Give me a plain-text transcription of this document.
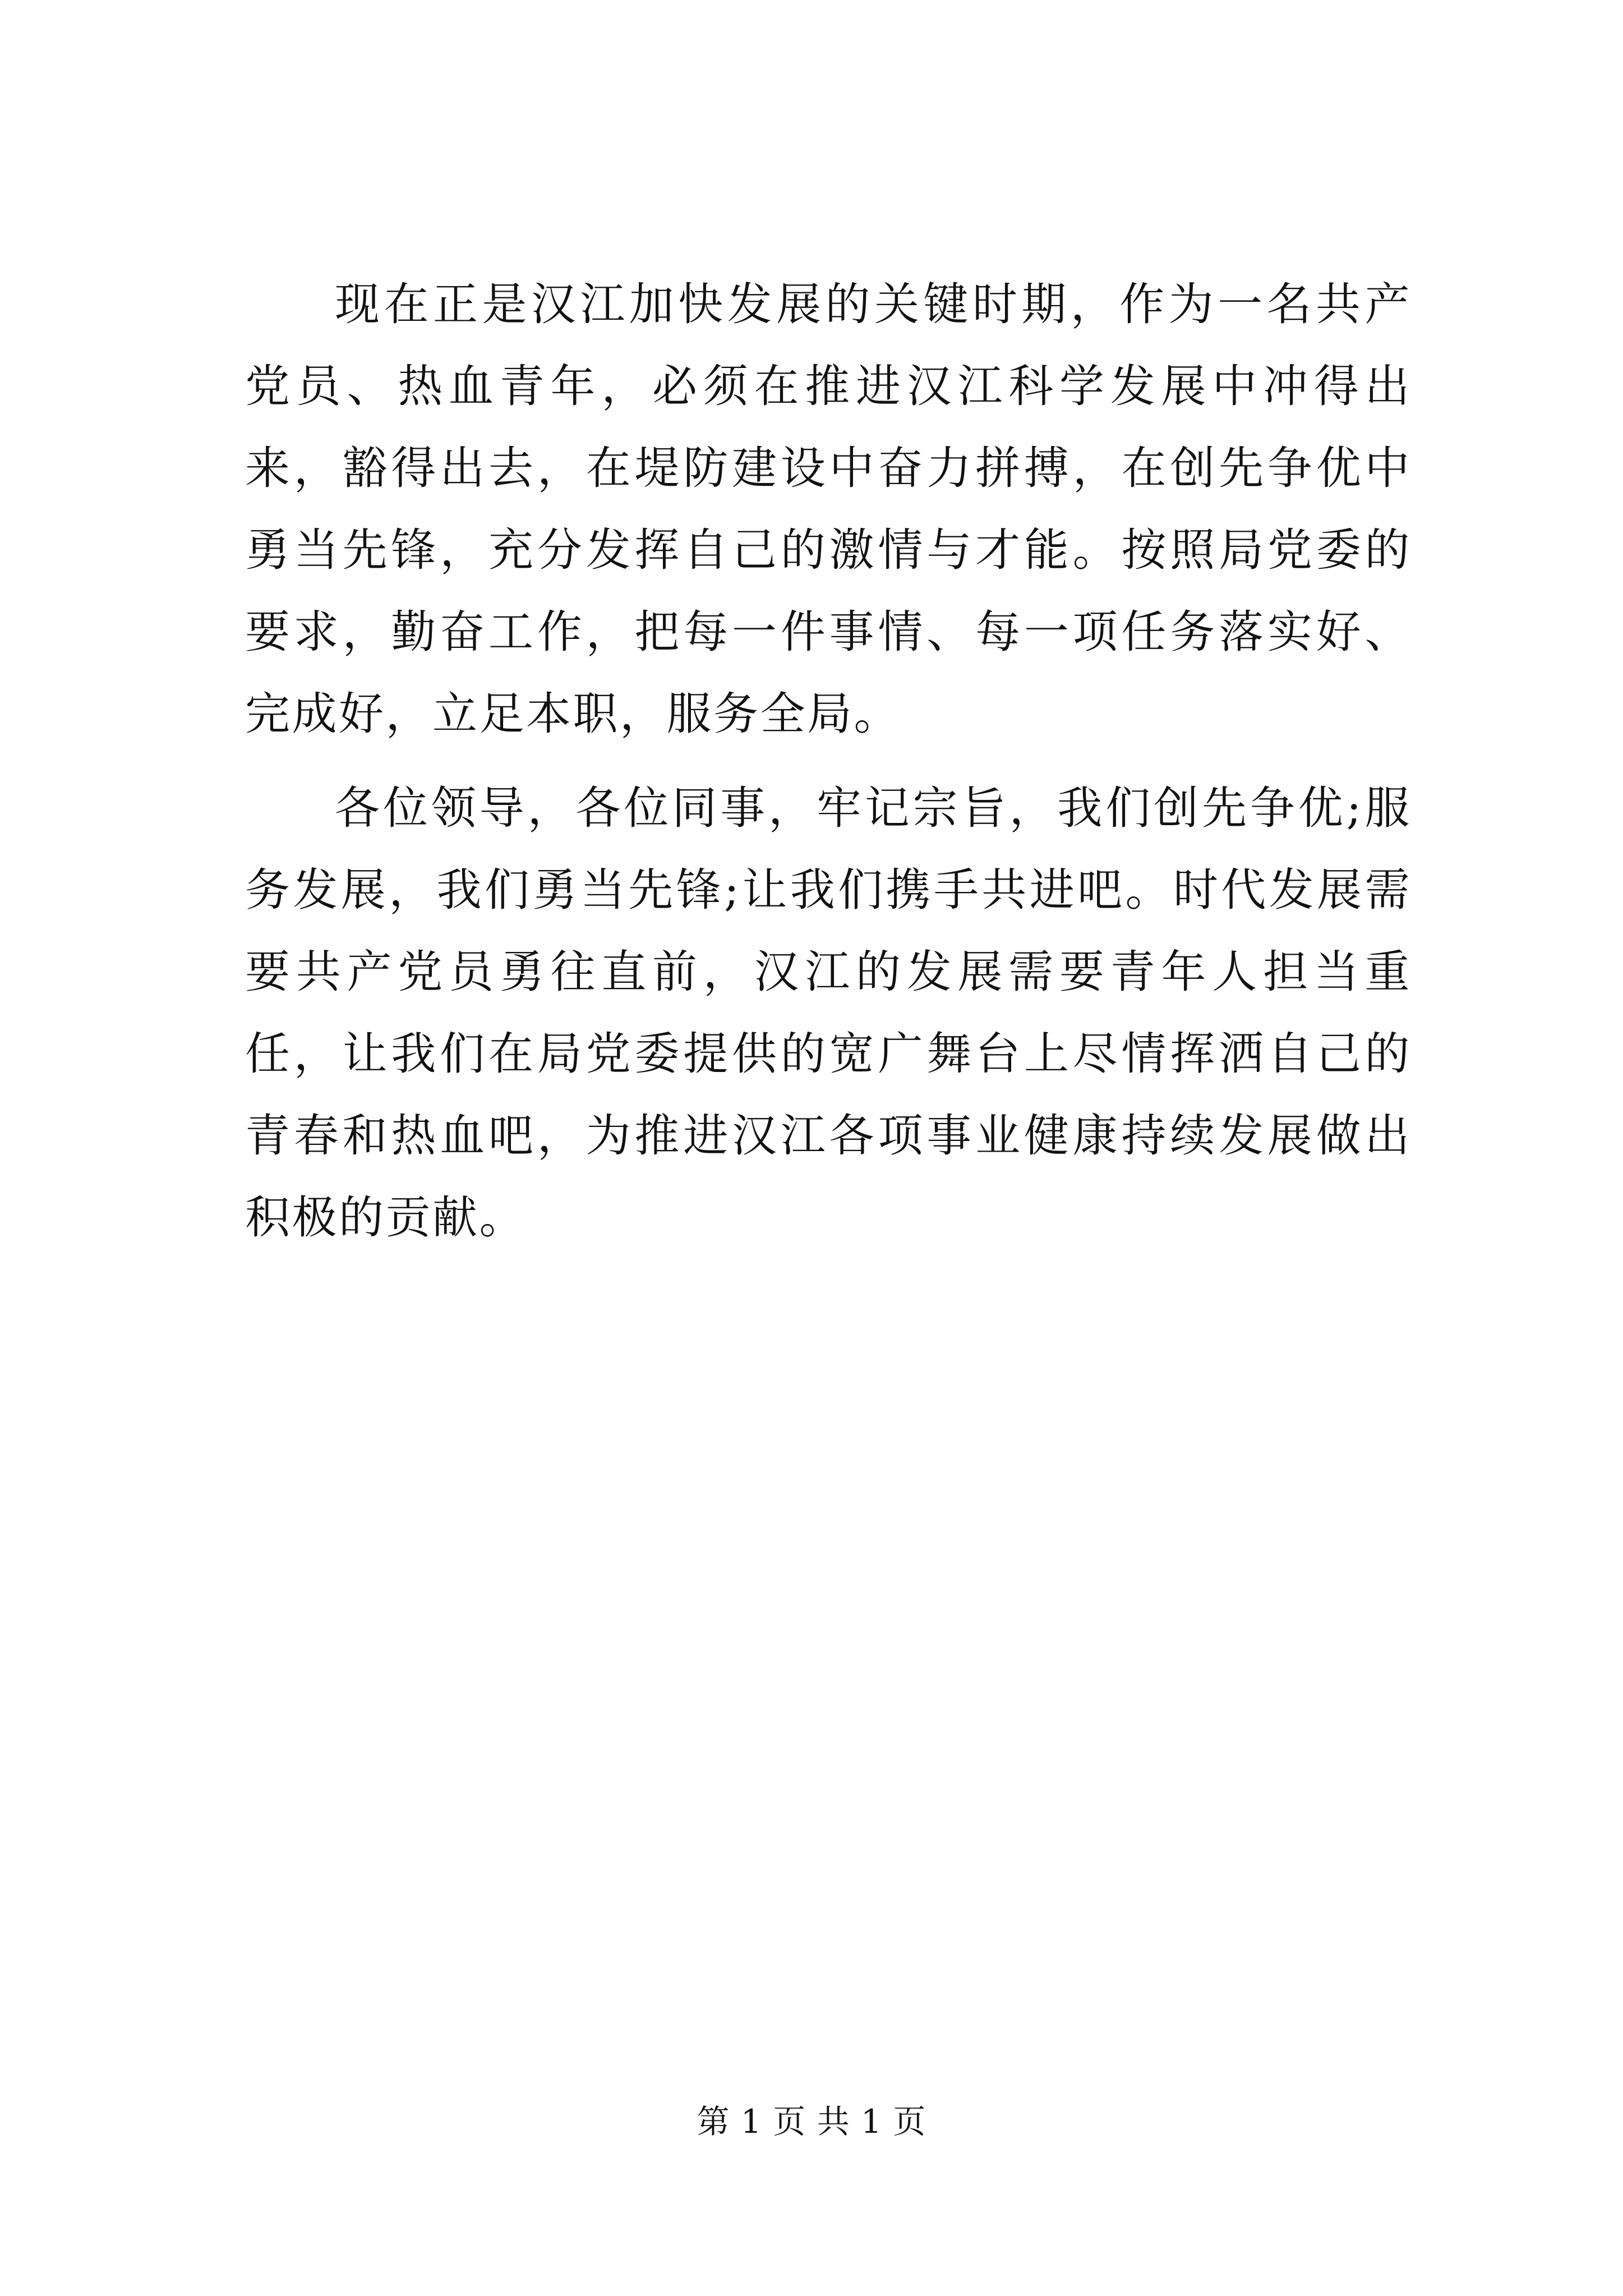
现在正是汉江加快发展的关键时期，作为一名共产党员、热血青年，必须在推进汉江科学发展中冲得出来，豁得出去，在堤防建设中奋力拼搏，在创先争优中勇当先锋，充分发挥自己的激情与才能。按照局党委的要求，勤奋工作，把每一件事情、每一项任务落实好、完成好，立足本职，服务全局。

各位领导，各位同事，牢记宗旨，我们创先争优;服务发展，我们勇当先锋;让我们携手共进吧。时代发展需要共产党员勇往直前，汉江的发展需要青年人担当重任，让我们在局党委提供的宽广舞台上尽情挥洒自己的青春和热血吧，为推进汉江各项事业健康持续发展做出积极的贡献。

第 1 页 共 1 页
